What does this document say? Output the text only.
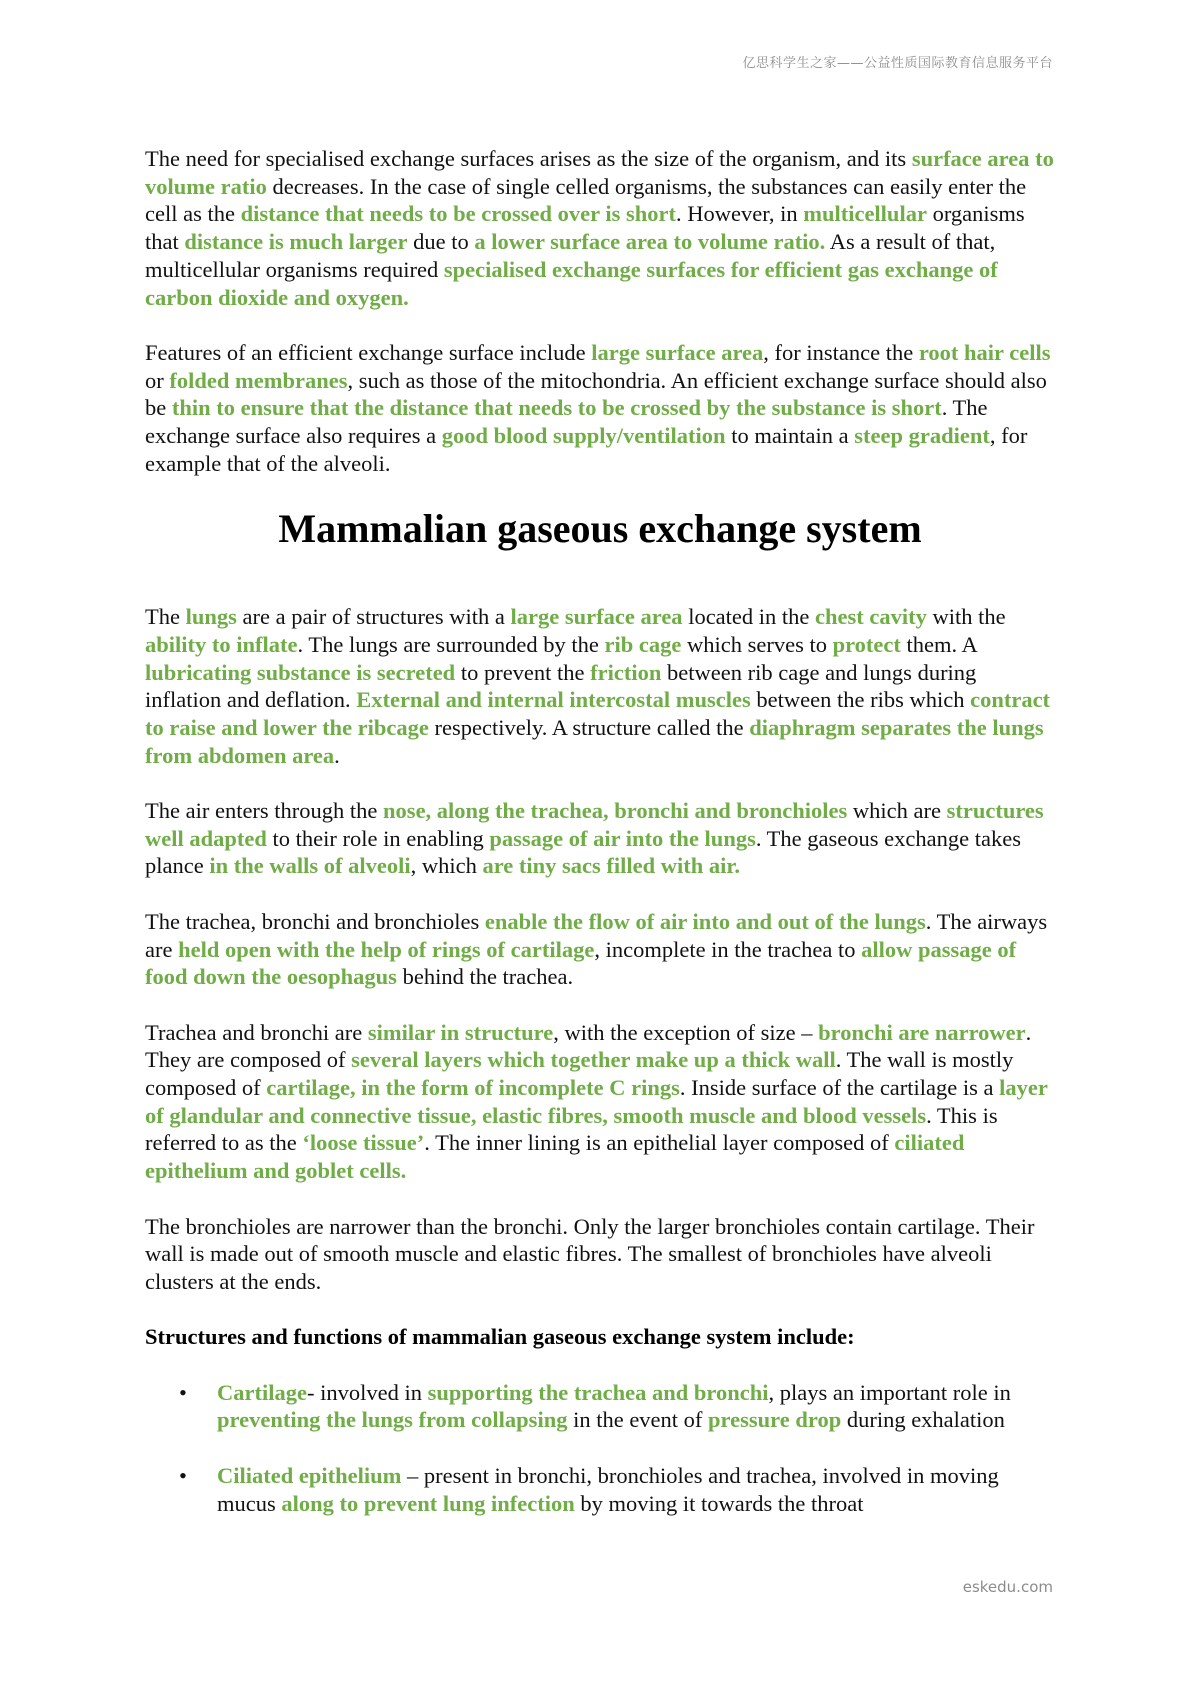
亿思科学生之家——公益性质国际教育信息服务平台

The need for specialised exchange surfaces arises as the size of the organism, and its surface area to volume ratio decreases. In the case of single celled organisms, the substances can easily enter the cell as the distance that needs to be crossed over is short. However, in multicellular organisms that distance is much larger due to a lower surface area to volume ratio. As a result of that, multicellular organisms required specialised exchange surfaces for efficient gas exchange of carbon dioxide and oxygen.

Features of an efficient exchange surface include large surface area, for instance the root hair cells or folded membranes, such as those of the mitochondria. An efficient exchange surface should also be thin to ensure that the distance that needs to be crossed by the substance is short. The exchange surface also requires a good blood supply/ventilation to maintain a steep gradient, for example that of the alveoli.

Mammalian gaseous exchange system

The lungs are a pair of structures with a large surface area located in the chest cavity with the ability to inflate. The lungs are surrounded by the rib cage which serves to protect them. A lubricating substance is secreted to prevent the friction between rib cage and lungs during inflation and deflation. External and internal intercostal muscles between the ribs which contract to raise and lower the ribcage respectively. A structure called the diaphragm separates the lungs from abdomen area.

The air enters through the nose, along the trachea, bronchi and bronchioles which are structures well adapted to their role in enabling passage of air into the lungs. The gaseous exchange takes plance in the walls of alveoli, which are tiny sacs filled with air.

The trachea, bronchi and bronchioles enable the flow of air into and out of the lungs. The airways are held open with the help of rings of cartilage, incomplete in the trachea to allow passage of food down the oesophagus behind the trachea.

Trachea and bronchi are similar in structure, with the exception of size – bronchi are narrower. They are composed of several layers which together make up a thick wall. The wall is mostly composed of cartilage, in the form of incomplete C rings. Inside surface of the cartilage is a layer of glandular and connective tissue, elastic fibres, smooth muscle and blood vessels. This is referred to as the ‘loose tissue’. The inner lining is an epithelial layer composed of ciliated epithelium and goblet cells.

The bronchioles are narrower than the bronchi. Only the larger bronchioles contain cartilage. Their wall is made out of smooth muscle and elastic fibres. The smallest of bronchioles have alveoli clusters at the ends.

Structures and functions of mammalian gaseous exchange system include:

• Cartilage- involved in supporting the trachea and bronchi, plays an important role in preventing the lungs from collapsing in the event of pressure drop during exhalation
• Ciliated epithelium – present in bronchi, bronchioles and trachea, involved in moving mucus along to prevent lung infection by moving it towards the throat
eskedu.com
